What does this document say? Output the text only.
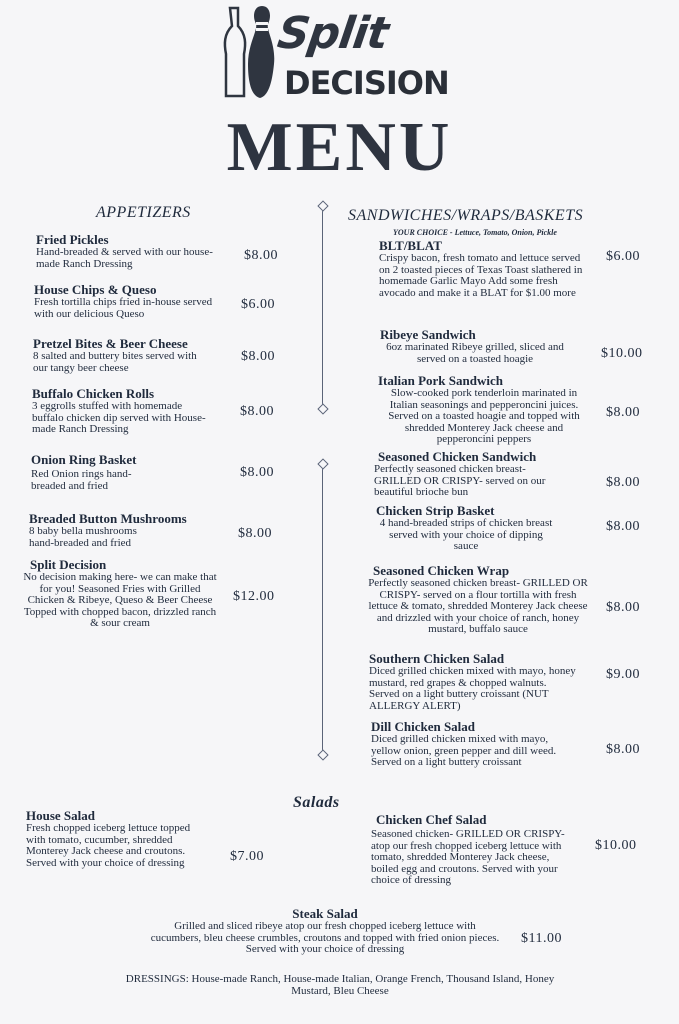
Split
DECISION
MENU
APPETIZERS
Fried Pickles
Hand-breaded & served with our house-made Ranch Dressing
$8.00
House Chips & Queso
Fresh tortilla chips fried in-house served with our delicious Queso
$6.00
Pretzel Bites & Beer Cheese
8 salted and buttery bites served with our tangy beer cheese
$8.00
Buffalo Chicken Rolls
3 eggrolls stuffed with homemade buffalo chicken dip served with House-made Ranch Dressing
$8.00
Onion Ring Basket
Red Onion rings hand-breaded and fried
$8.00
Breaded Button Mushrooms
8 baby bella mushrooms hand-breaded and fried
$8.00
Split Decision
No decision making here- we can make that for you! Seasoned Fries with Grilled Chicken & Ribeye, Queso & Beer Cheese Topped with chopped bacon, drizzled ranch & sour cream
$12.00
SANDWICHES/WRAPS/BASKETS
YOUR CHOICE - Lettuce, Tomato, Onion, Pickle
BLT/BLAT
Crispy bacon, fresh tomato and lettuce served on 2 toasted pieces of Texas Toast slathered in homemade Garlic Mayo Add some fresh avocado and make it a BLAT for $1.00 more
$6.00
Ribeye Sandwich
6oz marinated Ribeye grilled, sliced and served on a toasted hoagie	$10.00
Italian Pork Sandwich
Slow-cooked pork tenderloin marinated in Italian seasonings and pepperoncini juices. Served on a toasted hoagie and topped with shredded Monterey Jack cheese and pepperoncini peppers
$8.00
Seasoned Chicken Sandwich
Perfectly seasoned chicken breast- GRILLED OR CRISPY- served on our beautiful brioche bun
$8.00
Chicken Strip Basket
4 hand-breaded strips of chicken breast served with your choice of dipping sauce
$8.00
Seasoned Chicken Wrap
Perfectly seasoned chicken breast- GRILLED OR CRISPY- served on a flour tortilla with fresh lettuce & tomato, shredded Monterey Jack cheese and drizzled with your choice of ranch, honey mustard, buffalo sauce
$8.00
Southern Chicken Salad
Diced grilled chicken mixed with mayo, honey mustard, red grapes & chopped walnuts. Served on a light buttery croissant (NUT ALLERGY ALERT)
$9.00
Dill Chicken Salad
Diced grilled chicken mixed with mayo, yellow onion, green pepper and dill weed. Served on a light buttery croissant
$8.00
Salads
House Salad
Fresh chopped iceberg lettuce topped with tomato, cucumber, shredded Monterey Jack cheese and croutons. Served with your choice of dressing	$7.00
Chicken Chef Salad
Seasoned chicken- GRILLED OR CRISPY- atop our fresh chopped iceberg lettuce with tomato, shredded Monterey Jack cheese, boiled egg and croutons. Served with your choice of dressing
$10.00
Steak Salad
Grilled and sliced ribeye atop our fresh chopped iceberg lettuce with cucumbers, bleu cheese crumbles, croutons and topped with fried onion pieces. Served with your choice of dressing
$11.00
DRESSINGS: House-made Ranch, House-made Italian, Orange French, Thousand Island, Honey Mustard, Bleu Cheese
